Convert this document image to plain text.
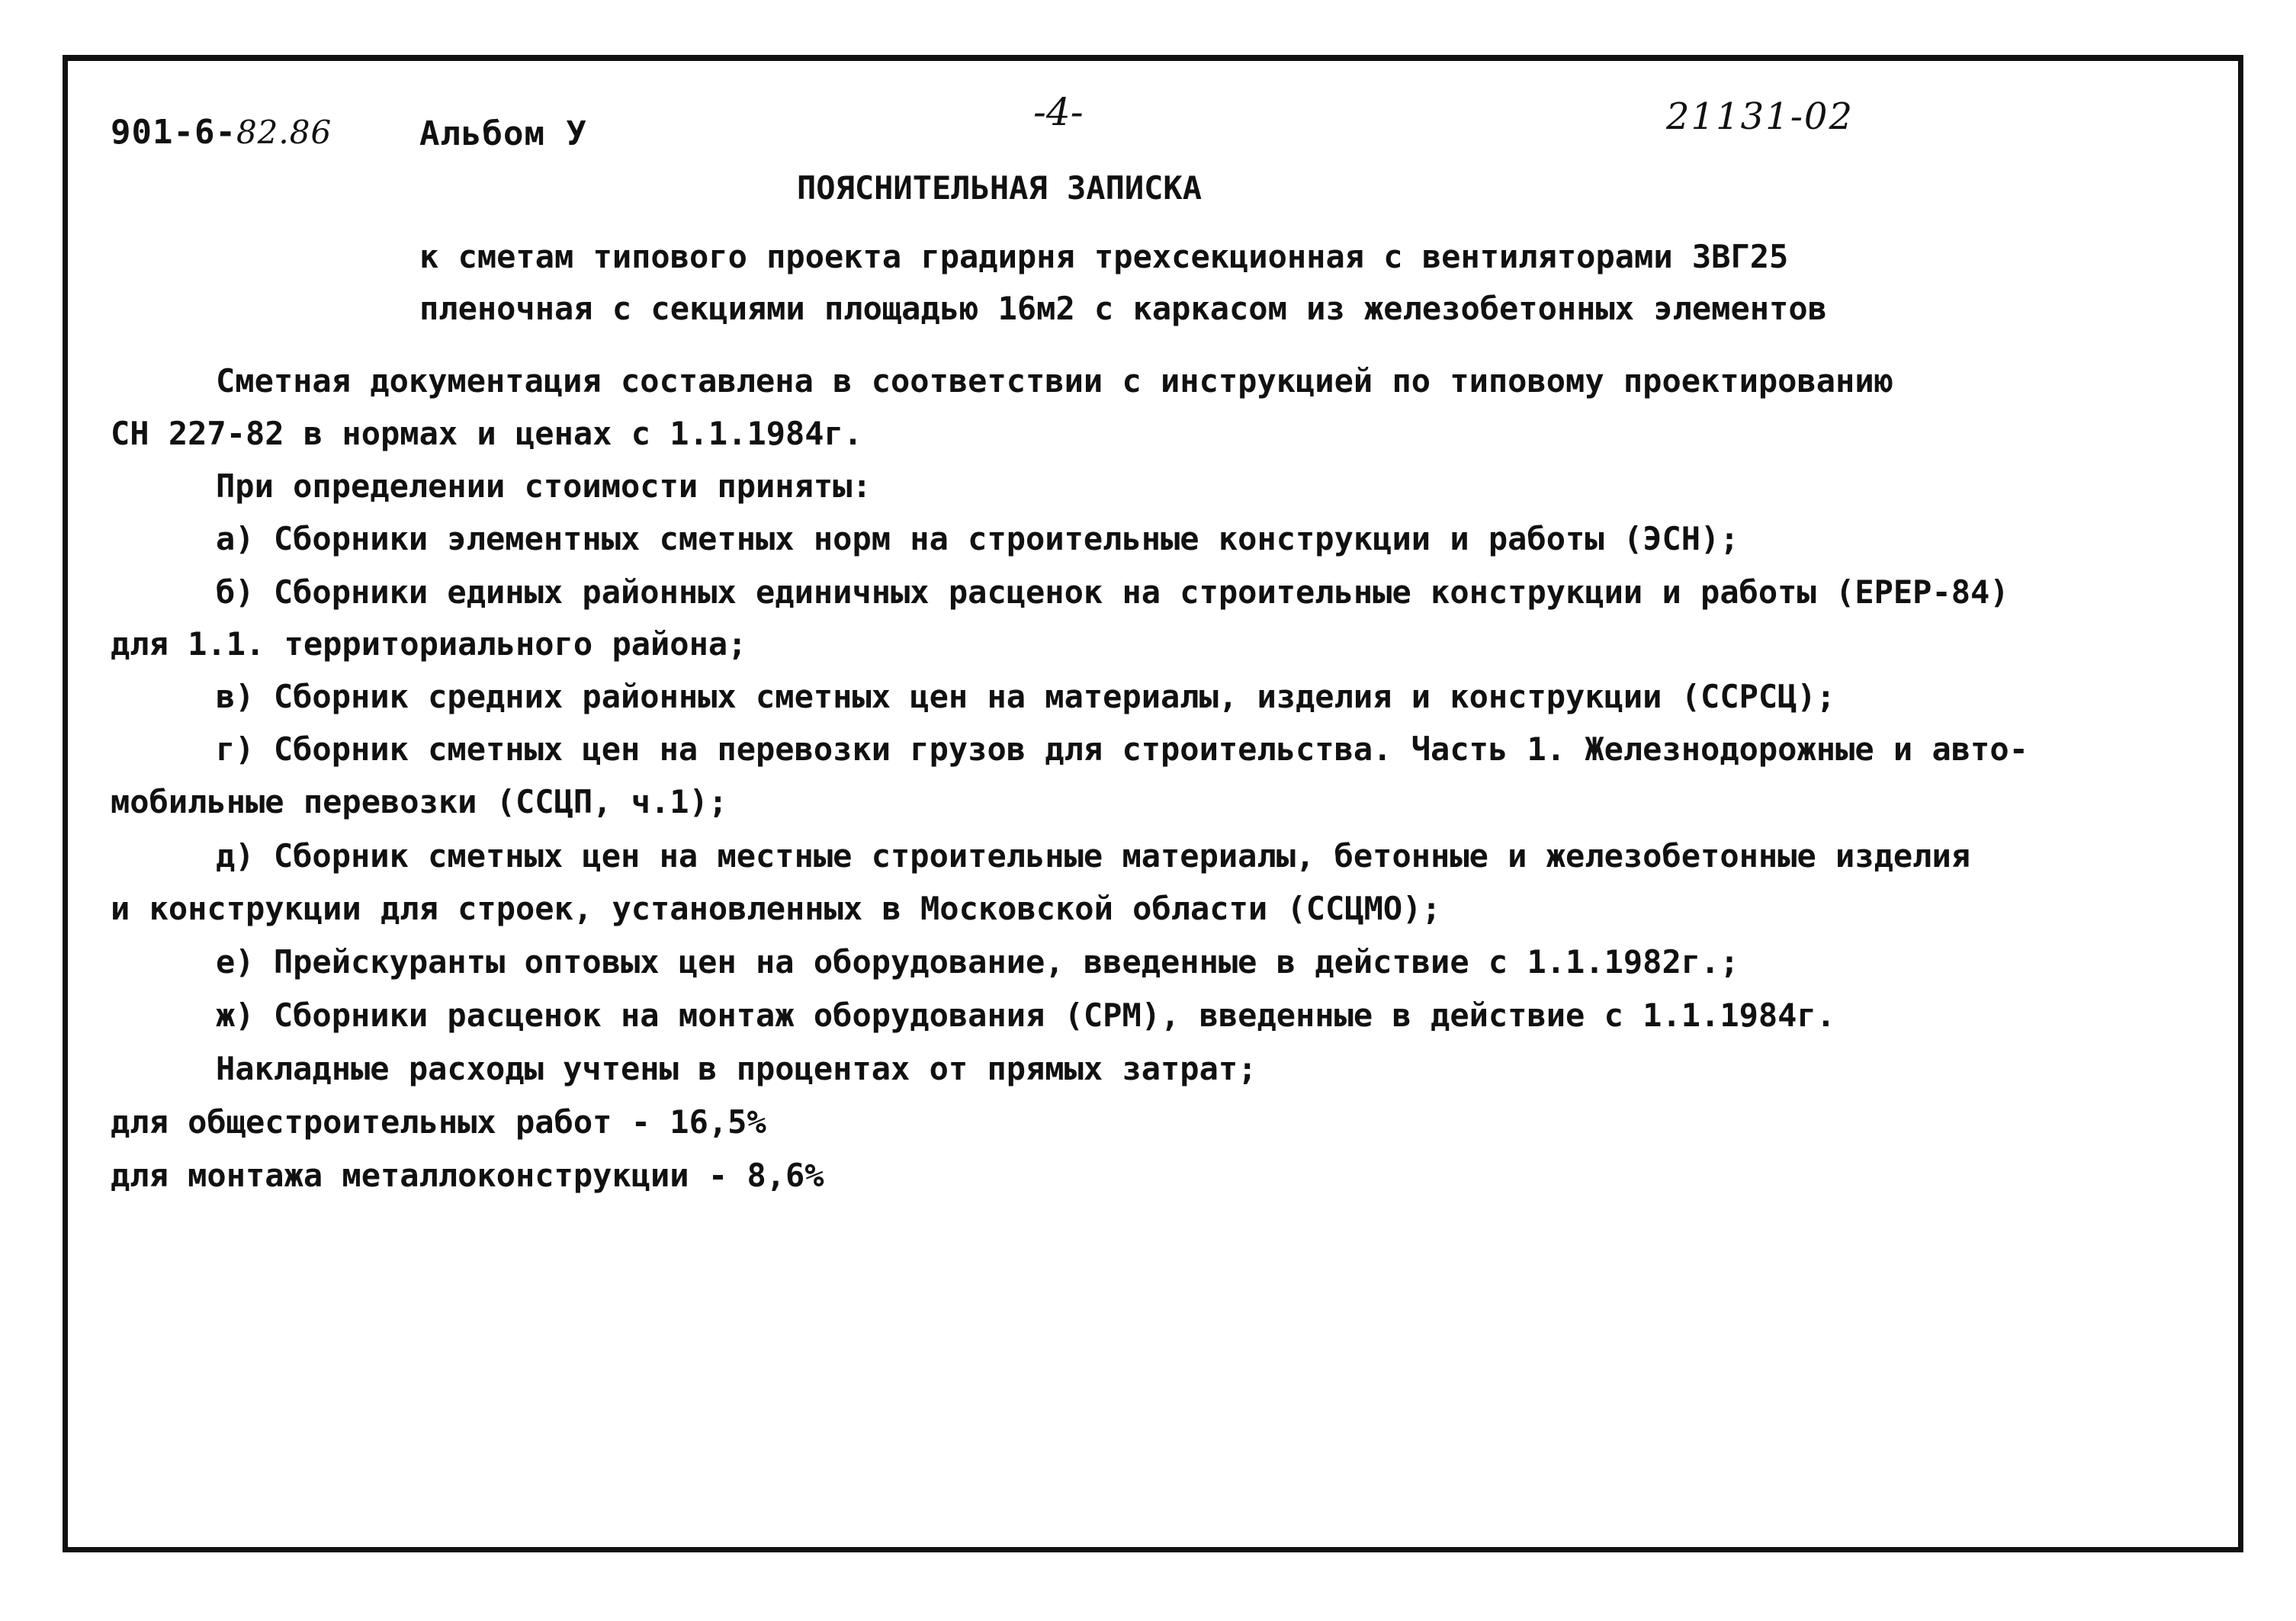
901-6-82.86	Альбом У	-4-	21131-02
ПОЯСНИТЕЛЬНАЯ ЗАПИСКА
к сметам типового проекта градирня трехсекционная с вентиляторами 3ВГ25
пленочная с секциями площадью 16м2 с каркасом из железобетонных элементов
Сметная документация составлена в соответствии с инструкцией по типовому проектированию
СН 227-82 в нормах и ценах с 1.1.1984г.
При определении стоимости приняты:
а) Сборники элементных сметных норм на строительные конструкции и работы (ЭСН);
б) Сборники единых районных единичных расценок на строительные конструкции и работы (ЕРЕР-84)
для 1.1. территориального района;
в) Сборник средних районных сметных цен на материалы, изделия и конструкции (ССРСЦ);
г) Сборник сметных цен на перевозки грузов для строительства. Часть 1. Железнодорожные и авто-
мобильные перевозки (ССЦП, ч.1);
д) Сборник сметных цен на местные строительные материалы, бетонные и железобетонные изделия
и конструкции для строек, установленных в Московской области (ССЦМО);
е) Прейскуранты оптовых цен на оборудование, введенные в действие с 1.1.1982г.;
ж) Сборники расценок на монтаж оборудования (СРМ), введенные в действие с 1.1.1984г.
Накладные расходы учтены в процентах от прямых затрат;
для общестроительных работ - 16,5%
для монтажа металлоконструкции - 8,6%
